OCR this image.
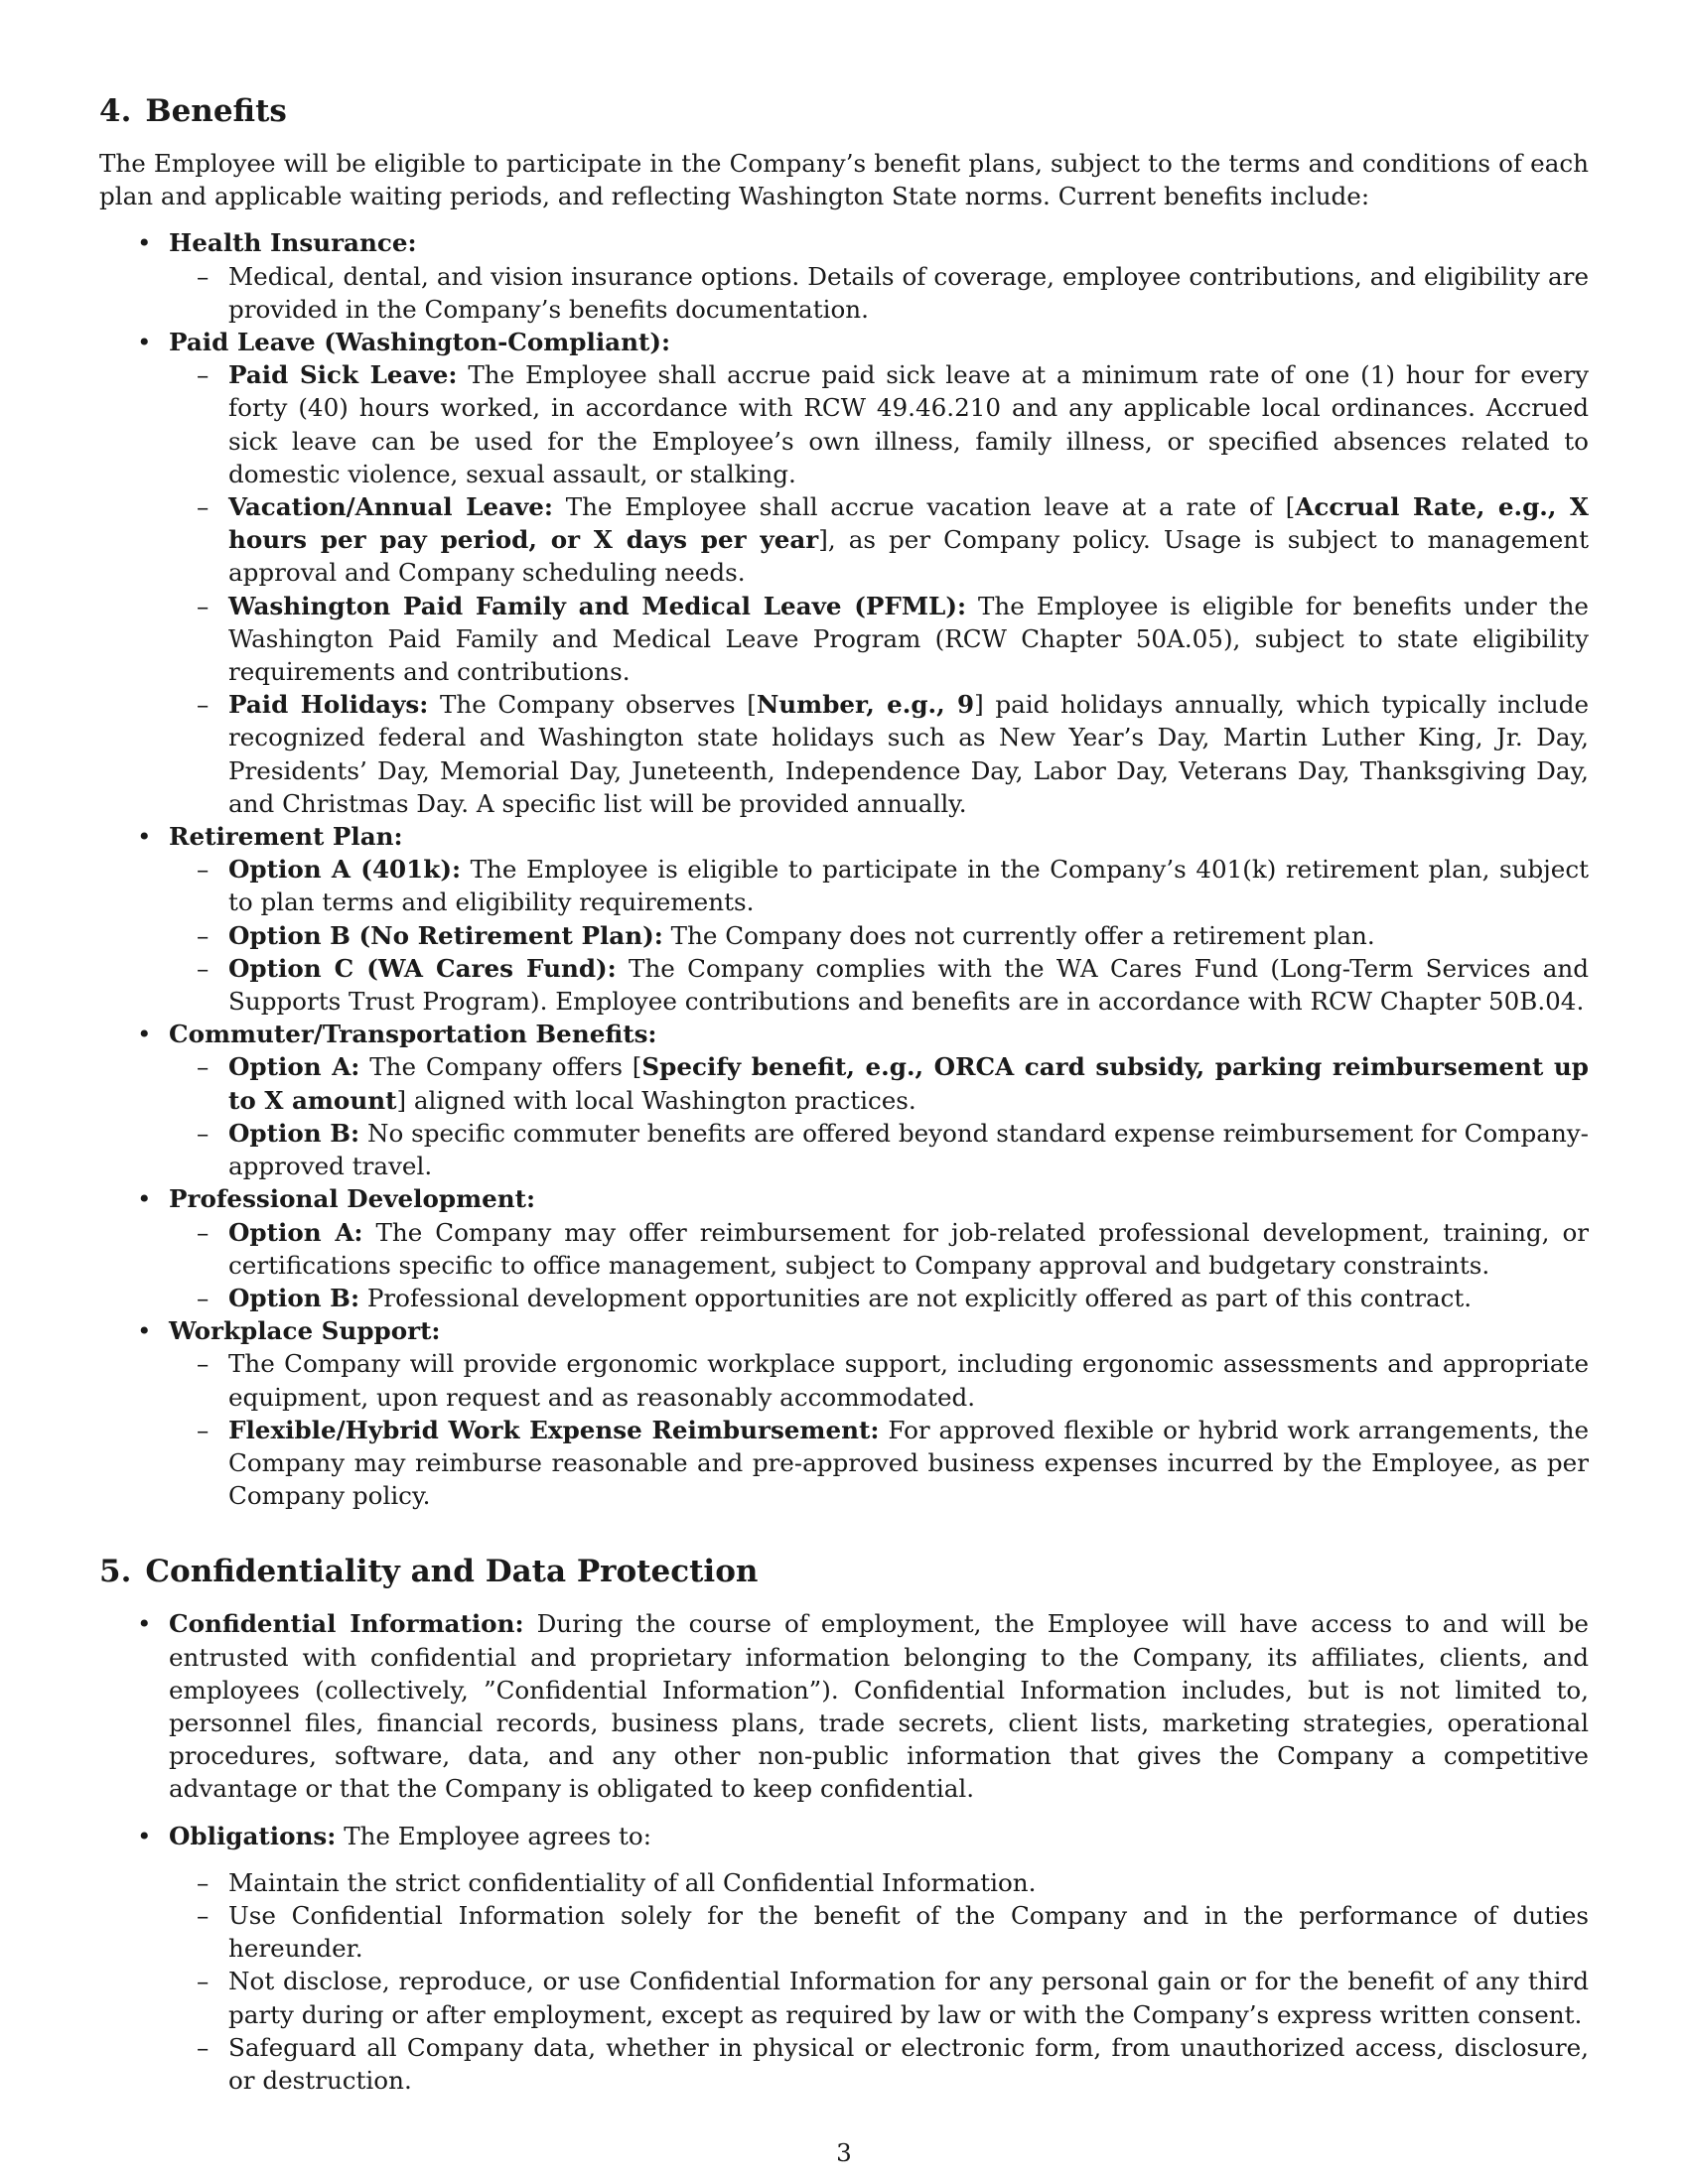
4. Benefits

The Employee will be eligible to participate in the Company’s benefit plans, subject to the terms and conditions of each plan and applicable waiting periods, and reflecting Washington State norms. Current benefits include:

• Health Insurance:
– Medical, dental, and vision insurance options. Details of coverage, employee contributions, and eligibility are provided in the Company’s benefits documentation.
• Paid Leave (Washington-Compliant):
– Paid Sick Leave: The Employee shall accrue paid sick leave at a minimum rate of one (1) hour for every forty (40) hours worked, in accordance with RCW 49.46.210 and any applicable local ordinances. Accrued sick leave can be used for the Employee’s own illness, family illness, or specified absences related to domestic violence, sexual assault, or stalking.
– Vacation/Annual Leave: The Employee shall accrue vacation leave at a rate of [Accrual Rate, e.g., X hours per pay period, or X days per year], as per Company policy. Usage is subject to management approval and Company scheduling needs.
– Washington Paid Family and Medical Leave (PFML): The Employee is eligible for benefits under the Washington Paid Family and Medical Leave Program (RCW Chapter 50A.05), subject to state eligibility requirements and contributions.
– Paid Holidays: The Company observes [Number, e.g., 9] paid holidays annually, which typically include recognized federal and Washington state holidays such as New Year’s Day, Martin Luther King, Jr. Day, Presidents’ Day, Memorial Day, Juneteenth, Independence Day, Labor Day, Veterans Day, Thanksgiving Day, and Christmas Day. A specific list will be provided annually.
• Retirement Plan:
– Option A (401k): The Employee is eligible to participate in the Company’s 401(k) retirement plan, subject to plan terms and eligibility requirements.
– Option B (No Retirement Plan): The Company does not currently offer a retirement plan.
– Option C (WA Cares Fund): The Company complies with the WA Cares Fund (Long-Term Services and Supports Trust Program). Employee contributions and benefits are in accordance with RCW Chapter 50B.04.
• Commuter/Transportation Benefits:
– Option A: The Company offers [Specify benefit, e.g., ORCA card subsidy, parking reimbursement up to X amount] aligned with local Washington practices.
– Option B: No specific commuter benefits are offered beyond standard expense reimbursement for Company-approved travel.
• Professional Development:
– Option A: The Company may offer reimbursement for job-related professional development, training, or certifications specific to office management, subject to Company approval and budgetary constraints.
– Option B: Professional development opportunities are not explicitly offered as part of this contract.
• Workplace Support:
– The Company will provide ergonomic workplace support, including ergonomic assessments and appropriate equipment, upon request and as reasonably accommodated.
– Flexible/Hybrid Work Expense Reimbursement: For approved flexible or hybrid work arrangements, the Company may reimburse reasonable and pre-approved business expenses incurred by the Employee, as per Company policy.
5. Confidentiality and Data Protection
• Confidential Information: During the course of employment, the Employee will have access to and will be entrusted with confidential and proprietary information belonging to the Company, its affiliates, clients, and employees (collectively, ”Confidential Information”). Confidential Information includes, but is not limited to, personnel files, financial records, business plans, trade secrets, client lists, marketing strategies, operational procedures, software, data, and any other non-public information that gives the Company a competitive advantage or that the Company is obligated to keep confidential.
• Obligations: The Employee agrees to:
– Maintain the strict confidentiality of all Confidential Information.
– Use Confidential Information solely for the benefit of the Company and in the performance of duties hereunder.
– Not disclose, reproduce, or use Confidential Information for any personal gain or for the benefit of any third party during or after employment, except as required by law or with the Company’s express written consent.
– Safeguard all Company data, whether in physical or electronic form, from unauthorized access, disclosure, or destruction.
3
